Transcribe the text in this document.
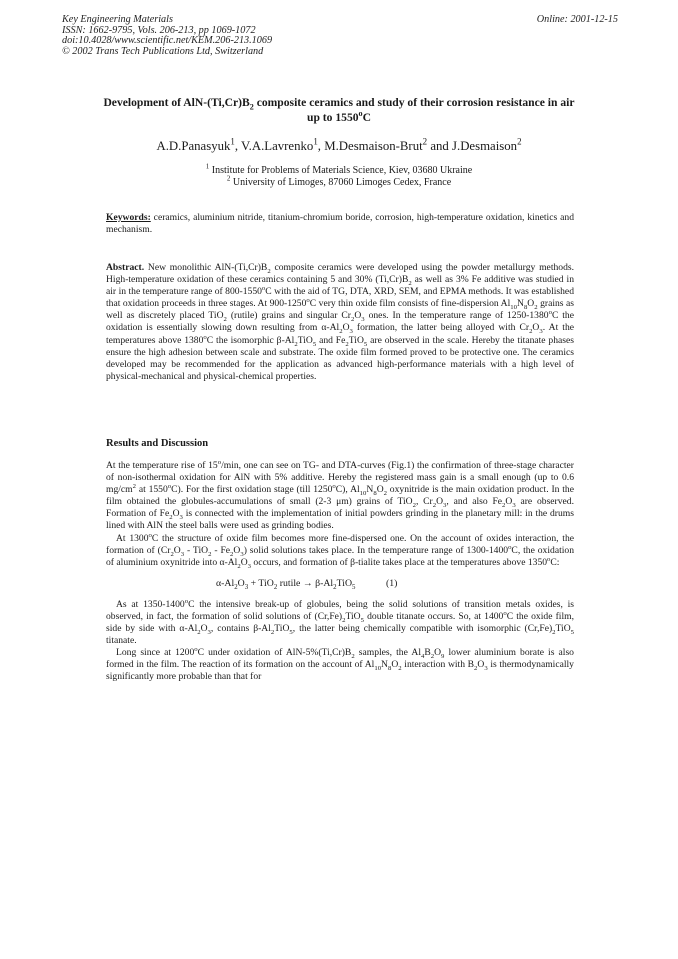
Key Engineering Materials
ISSN: 1662-9795, Vols. 206-213, pp 1069-1072
doi:10.4028/www.scientific.net/KEM.206-213.1069
© 2002 Trans Tech Publications Ltd, Switzerland
Online: 2001-12-15
Development of AlN-$(Ti,Cr)B_2$ composite ceramics and study of their corrosion resistance in air up to 1550$^o$C
A.D.Panasyuk$^1$, V.A.Lavrenko$^1$, M.Desmaison-Brut$^2$ and J.Desmaison$^2$
$^1$ Institute for Problems of Materials Science, Kiev, 03680 Ukraine
$^2$ University of Limoges, 87060 Limoges Cedex, France
Keywords: ceramics, aluminium nitride, titanium-chromium boride, corrosion, high-temperature oxidation, kinetics and mechanism.
Abstract. New monolithic AlN-$(Ti,Cr)B_2$ composite ceramics were developed using the powder metallurgy methods. High-temperature oxidation of these ceramics containing 5 and 30% $(Ti,Cr)B_2$ as well as 3% Fe additive was studied in air in the temperature range of 800-1550$^o$C with the aid of TG, DTA, XRD, SEM, and EPMA methods. It was established that oxidation proceeds in three stages. At 900-1250$^o$C very thin oxide film consists of fine-dispersion $Al_{10}N_8O_2$ grains as well as discretely placed TiO$_2$ (rutile) grains and singular $Cr_2O_3$ ones. In the temperature range of 1250-1380$^o$C the oxidation is essentially slowing down resulting from $\alpha-Al_2O_3$ formation, the latter being alloyed with $Cr_2O_3$. At the temperatures above 1380$^o$C the isomorphic $\beta-Al_2TiO_5$ and $Fe_2TiO_5$ are observed in the scale. Hereby the titanate phases ensure the high adhesion between scale and substrate. The oxide film formed proved to be protective one. The ceramics developed may be recommended for the application as advanced high-performance materials with a high level of physical-mechanical and physical-chemical properties.
Results and Discussion

At the temperature rise of 15$^o$/min, one can see on TG- and DTA-curves (Fig.1) the confirmation of three-stage character of non-isothermal oxidation for AlN with 5% additive. Hereby the registered mass gain is a small enough (up to 0.6 $mg/cm^2$ at 1550$^o$C). For the first oxidation stage (till 1250$^o$C), $Al_{10}N_8O_2$ oxynitride is the main oxidation product. In the film obtained the globules-accumulations of small (2-3 μm) grains of TiO$_2$, $Cr_2O_3$, and also $Fe_2O_3$ are observed. Formation of $Fe_2O_3$ is connected with the implementation of initial powders grinding in the planetary mill: in the drums lined with AlN the steel balls were used as grinding bodies.

At 1300$^o$C the structure of oxide film becomes more fine-dispersed one. On the account of oxides interaction, the formation of $(Cr_2O_3 - TiO_2 - Fe_2O_3)$ solid solutions takes place. In the temperature range of 1300-1400$^o$C, the oxidation of aluminium oxynitride into $\alpha-Al_2O_3$ occurs, and formation of β-tialite takes place at the temperatures above 1350$^o$C:

$\alpha-Al_2O_3 + TiO_2$ rutile → $\beta-Al_2TiO_5$	(1)

As at 1350-1400$^o$C the intensive break-up of globules, being the solid solutions of transition metals oxides, is observed, in fact, the formation of solid solutions of $(Cr,Fe)_2TiO_5$ double titanate occurs. So, at 1400$^o$C the oxide film, side by side with $\alpha-Al_2O_3$, contains $\beta-Al_2TiO_5$, the latter being chemically compatible with isomorphic $(Cr,Fe)_2TiO_5$ titanate.

Long since at 1200$^o$C under oxidation of AlN-$5\%(Ti,Cr)B_2$ samples, the $Al_4B_2O_9$ lower aluminium borate is also formed in the film. The reaction of its formation on the account of $Al_{10}N_8O_2$ interaction with $B_2O_3$ is thermodynamically significantly more probable than that for
